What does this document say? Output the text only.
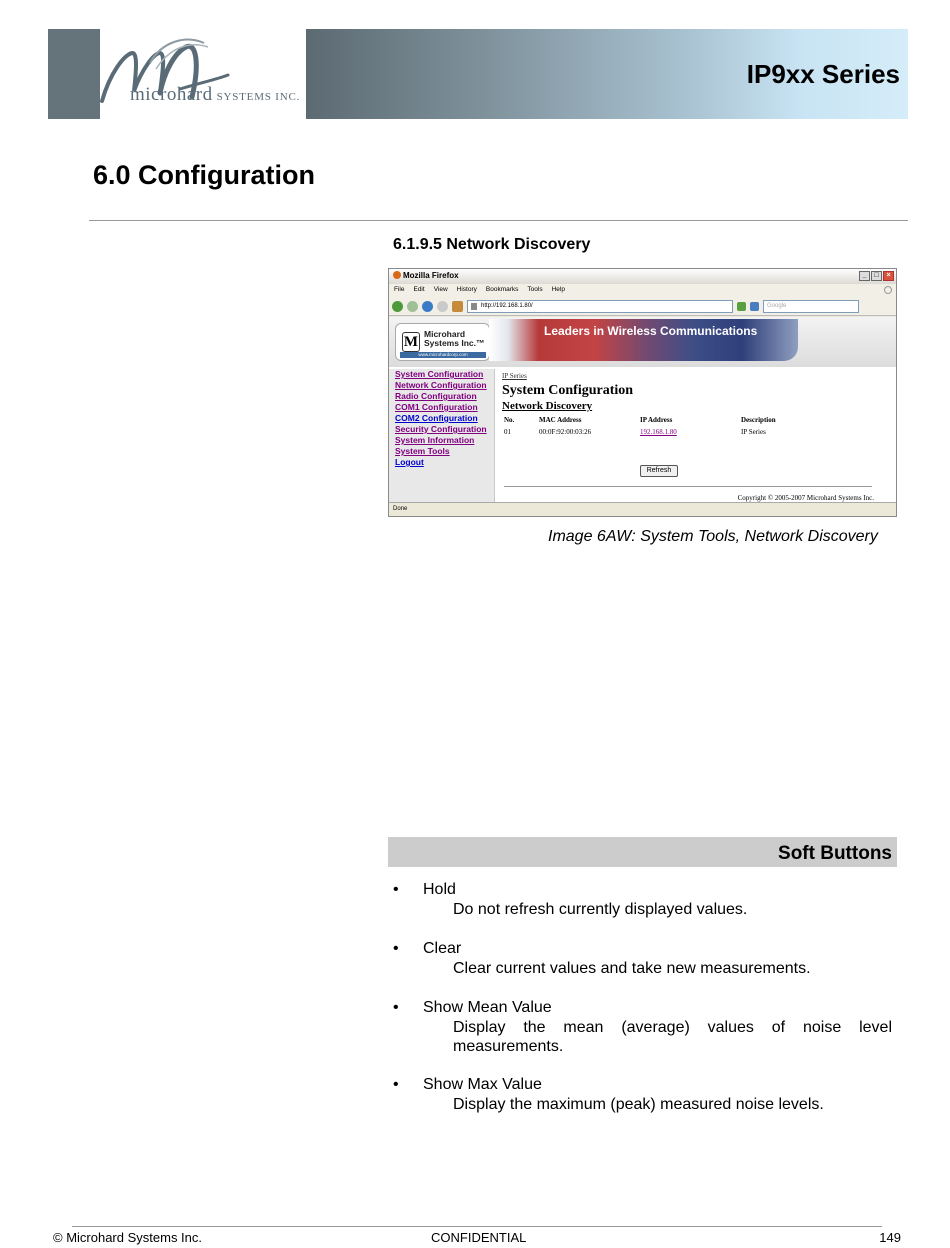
microhard SYSTEMS INC.
IP9xx Series
6.0 Configuration
6.1.9.5 Network Discovery
Mozilla Firefox	_	□	×
File Edit View History Bookmarks Tools Help
http://192.168.1.80/	Google
M Microhard
Systems Inc.™
www.microhardcorp.com
Leaders in Wireless Communications
System Configuration
Network Configuration
Radio Configuration
COM1 Configuration
COM2 Configuration
Security Configuration
System Information
System Tools
Logout
IP Series
System Configuration
Network Discovery
No.	MAC Address	IP Address	Description
01	00:0F:92:00:03:26	192.168.1.80	IP Series
Refresh
Copyright © 2005-2007 Microhard Systems Inc.
Done
Image 6AW: System Tools, Network Discovery
Soft Buttons
• Hold
Do not refresh currently displayed values.
• Clear
Clear current values and take new measurements.
• Show Mean Value
Display the mean (average) values of noise level measurements.
• Show Max Value
Display the maximum (peak) measured noise levels.
© Microhard Systems Inc.	CONFIDENTIAL	149
